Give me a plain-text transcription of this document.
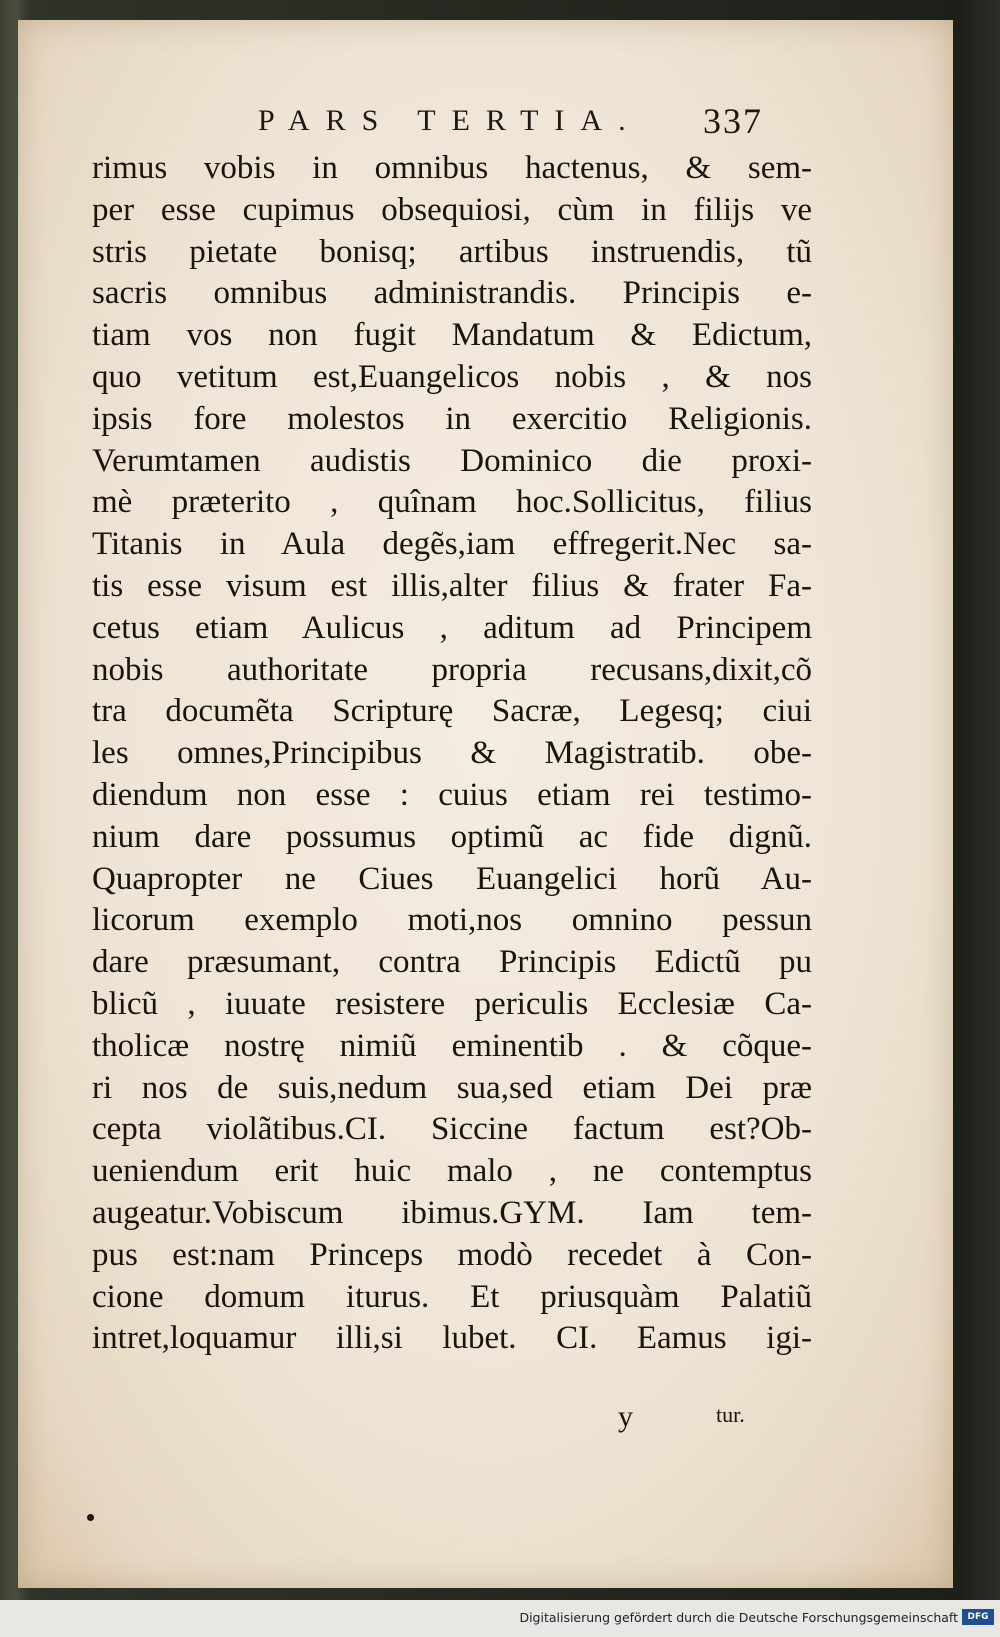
PARS TERTIA.	337
rimus vobis in omnibus hactenus, & sem-
per esse cupimus obsequiosi, cùm in filijs ve
stris pietate bonisq; artibus instruendis, tũ
sacris omnibus administrandis. Principis e-
tiam vos non fugit Mandatum & Edictum,
quo vetitum est,Euangelicos nobis , & nos
ipsis fore molestos in exercitio Religionis.
Verumtamen audistis Dominico die proxi-
mè præterito , quînam hoc.Sollicitus, filius
Titanis in Aula degẽs,iam effregerit.Nec sa-
tis esse visum est illis,alter filius & frater Fa-
cetus etiam Aulicus , aditum ad Principem
nobis authoritate propria recusans,dixit,cõ
tra documẽta Scripturę Sacræ, Legesq; ciui
les omnes,Principibus & Magistratib. obe-
diendum non esse : cuius etiam rei testimo-
nium dare possumus optimũ ac fide dignũ.
Quapropter ne Ciues Euangelici horũ Au-
licorum exemplo moti,nos omnino pessun
dare præsumant, contra Principis Edictũ pu
blicũ , iuuate resistere periculis Ecclesiæ Ca-
tholicæ nostrę nimiũ eminentib . & cõque-
ri nos de suis,nedum sua,sed etiam Dei præ
cepta violãtibus.CI. Siccine factum est?Ob-
ueniendum erit huic malo , ne contemptus
augeatur.Vobiscum ibimus.GYM. Iam tem-
pus est:nam Princeps modò recedet à Con-
cione domum iturus. Et priusquàm Palatiũ
intret,loquamur illi,si lubet. CI. Eamus igi-
y	tur.
Digitalisierung gefördert durch die Deutsche Forschungsgemeinschaft	DFG
